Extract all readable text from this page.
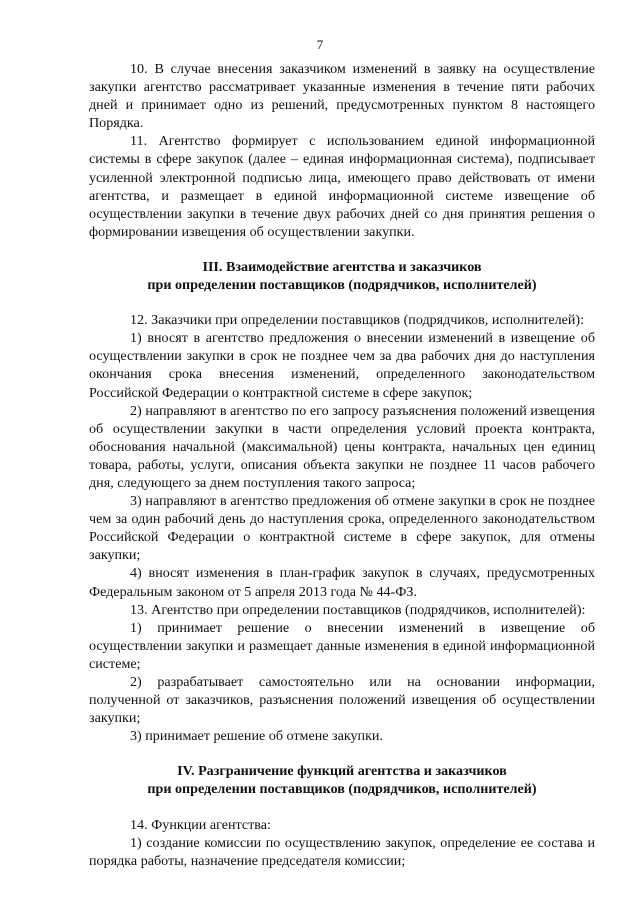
7

10. В случае внесения заказчиком изменений в заявку на осуществление закупки агентство рассматривает указанные изменения в течение пяти рабочих дней и принимает одно из решений, предусмотренных пунктом 8 настоящего Порядка.

11. Агентство формирует с использованием единой информационной системы в сфере закупок (далее – единая информационная система), подписывает усиленной электронной подписью лица, имеющего право действовать от имени агентства, и размещает в единой информационной системе извещение об осуществлении закупки в течение двух рабочих дней со дня принятия решения о формировании извещения об осуществлении закупки.

III. Взаимодействие агентства и заказчиков
при определении поставщиков (подрядчиков, исполнителей)

12. Заказчики при определении поставщиков (подрядчиков, исполнителей):

1) вносят в агентство предложения о внесении изменений в извещение об осуществлении закупки в срок не позднее чем за два рабочих дня до наступления окончания срока внесения изменений, определенного законодательством Российской Федерации о контрактной системе в сфере закупок;

2) направляют в агентство по его запросу разъяснения положений извещения об осуществлении закупки в части определения условий проекта контракта, обоснования начальной (максимальной) цены контракта, начальных цен единиц товара, работы, услуги, описания объекта закупки не позднее 11 часов рабочего дня, следующего за днем поступления такого запроса;

3) направляют в агентство предложения об отмене закупки в срок не позднее чем за один рабочий день до наступления срока, определенного законодательством Российской Федерации о контрактной системе в сфере закупок, для отмены закупки;

4) вносят изменения в план-график закупок в случаях, предусмотренных Федеральным законом от 5 апреля 2013 года № 44-ФЗ.

13. Агентство при определении поставщиков (подрядчиков, исполнителей):

1) принимает решение о внесении изменений в извещение об осуществлении закупки и размещает данные изменения в единой информационной системе;

2) разрабатывает самостоятельно или на основании информации, полученной от заказчиков, разъяснения положений извещения об осуществлении закупки;

3) принимает решение об отмене закупки.

IV. Разграничение функций агентства и заказчиков
при определении поставщиков (подрядчиков, исполнителей)

14. Функции агентства:

1) создание комиссии по осуществлению закупок, определение ее состава и порядка работы, назначение председателя комиссии;
